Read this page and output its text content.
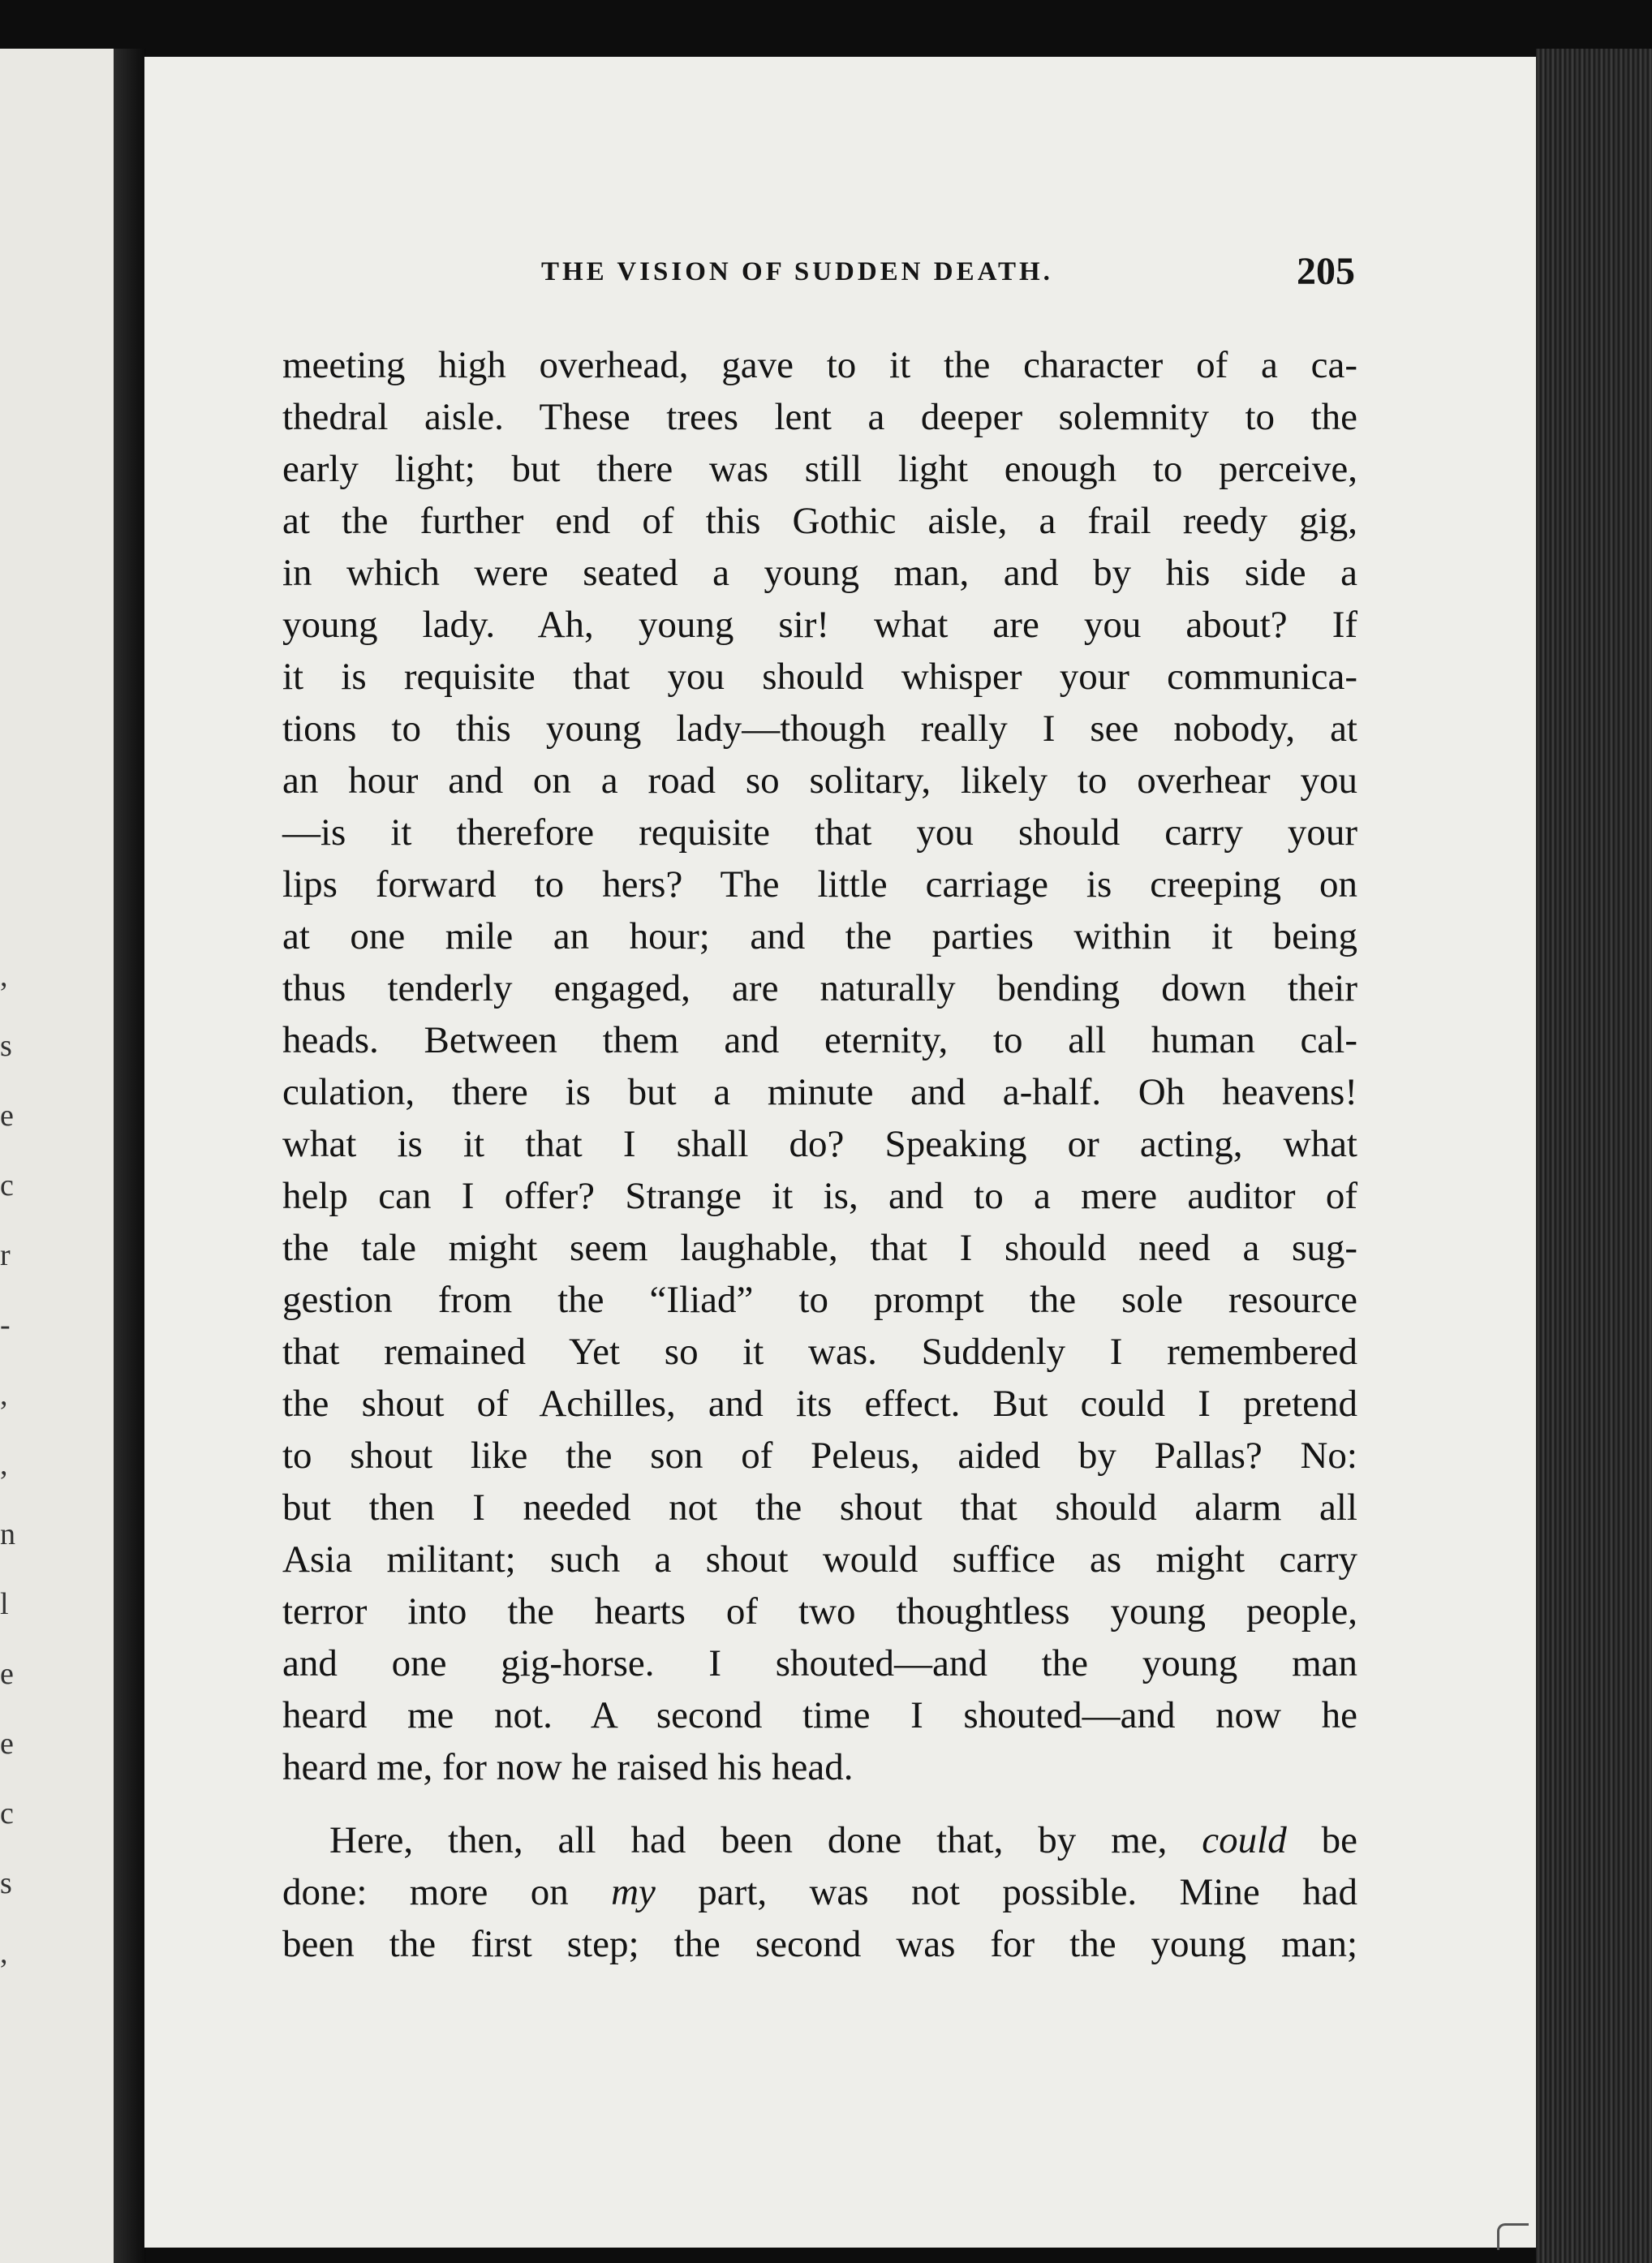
,
s
e
c
r
-
,
,
n
l
e
e
c
s
,
THE VISION OF SUDDEN DEATH.	205
meeting high overhead, gave to it the character of a ca-
thedral aisle. These trees lent a deeper solemnity to the
early light; but there was still light enough to perceive,
at the further end of this Gothic aisle, a frail reedy gig,
in which were seated a young man, and by his side a
young lady. Ah, young sir! what are you about? If
it is requisite that you should whisper your communica-
tions to this young lady—though really I see nobody, at
an hour and on a road so solitary, likely to overhear you
—is it therefore requisite that you should carry your
lips forward to hers? The little carriage is creeping on
at one mile an hour; and the parties within it being
thus tenderly engaged, are naturally bending down their
heads. Between them and eternity, to all human cal-
culation, there is but a minute and a-half. Oh heavens!
what is it that I shall do? Speaking or acting, what
help can I offer? Strange it is, and to a mere auditor of
the tale might seem laughable, that I should need a sug-
gestion from the “Iliad” to prompt the sole resource
that remained Yet so it was. Suddenly I remembered
the shout of Achilles, and its effect. But could I pretend
to shout like the son of Peleus, aided by Pallas? No:
but then I needed not the shout that should alarm all
Asia militant; such a shout would suffice as might carry
terror into the hearts of two thoughtless young people,
and one gig-horse. I shouted—and the young man
heard me not. A second time I shouted—and now he
heard me, for now he raised his head.
Here, then, all had been done that, by me, could be
done: more on my part, was not possible. Mine had
been the first step; the second was for the young man;
